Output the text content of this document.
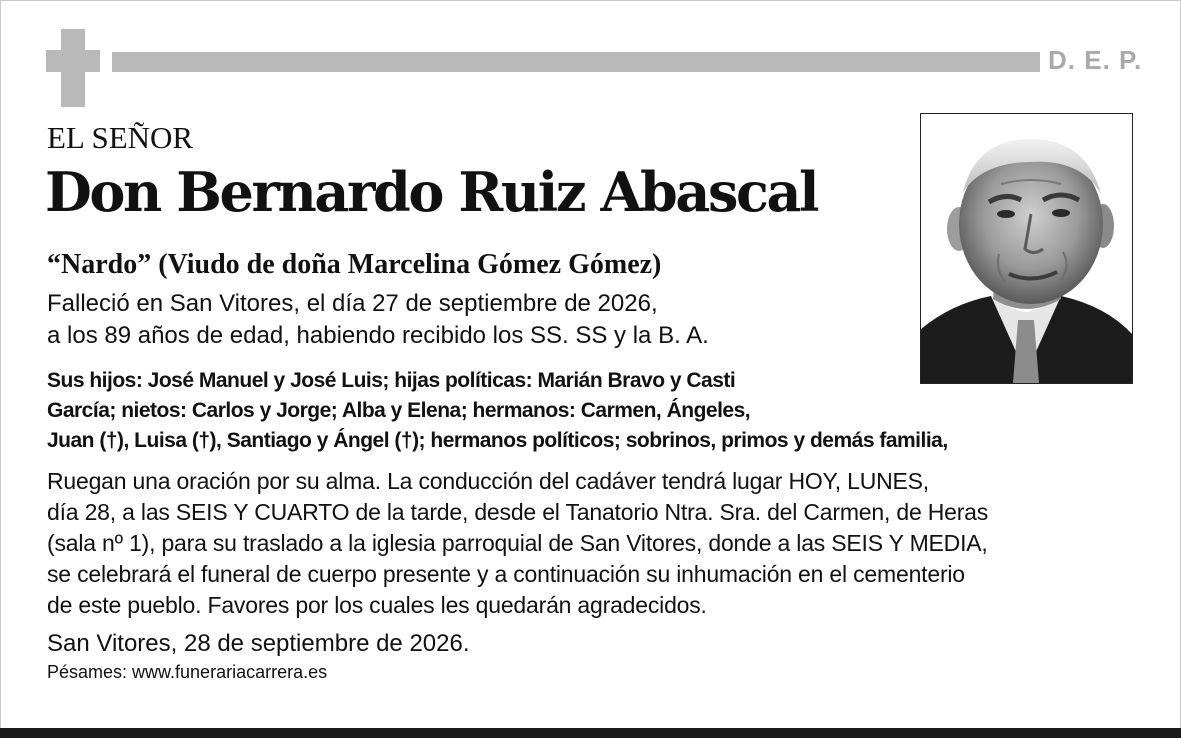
D. E. P.
EL SEÑOR
Don Bernardo Ruiz Abascal
“Nardo” (Viudo de doña Marcelina Gómez Gómez)
Falleció en San Vitores, el día 27 de septiembre de 2026,
a los 89 años de edad, habiendo recibido los SS. SS y la B. A.
Sus hijos: José Manuel y José Luis; hijas políticas: Marián Bravo y Casti
García; nietos: Carlos y Jorge; Alba y Elena; hermanos: Carmen, Ángeles,
Juan (†), Luisa (†), Santiago y Ángel (†); hermanos políticos; sobrinos, primos y demás familia,
Ruegan una oración por su alma. La conducción del cadáver tendrá lugar HOY, LUNES,
día 28, a las SEIS Y CUARTO de la tarde, desde el Tanatorio Ntra. Sra. del Carmen, de Heras
(sala nº 1), para su traslado a la iglesia parroquial de San Vitores, donde a las SEIS Y MEDIA,
se celebrará el funeral de cuerpo presente y a continuación su inhumación en el cementerio
de este pueblo. Favores por los cuales les quedarán agradecidos.
San Vitores, 28 de septiembre de 2026.
Pésames: www.funerariacarrera.es
